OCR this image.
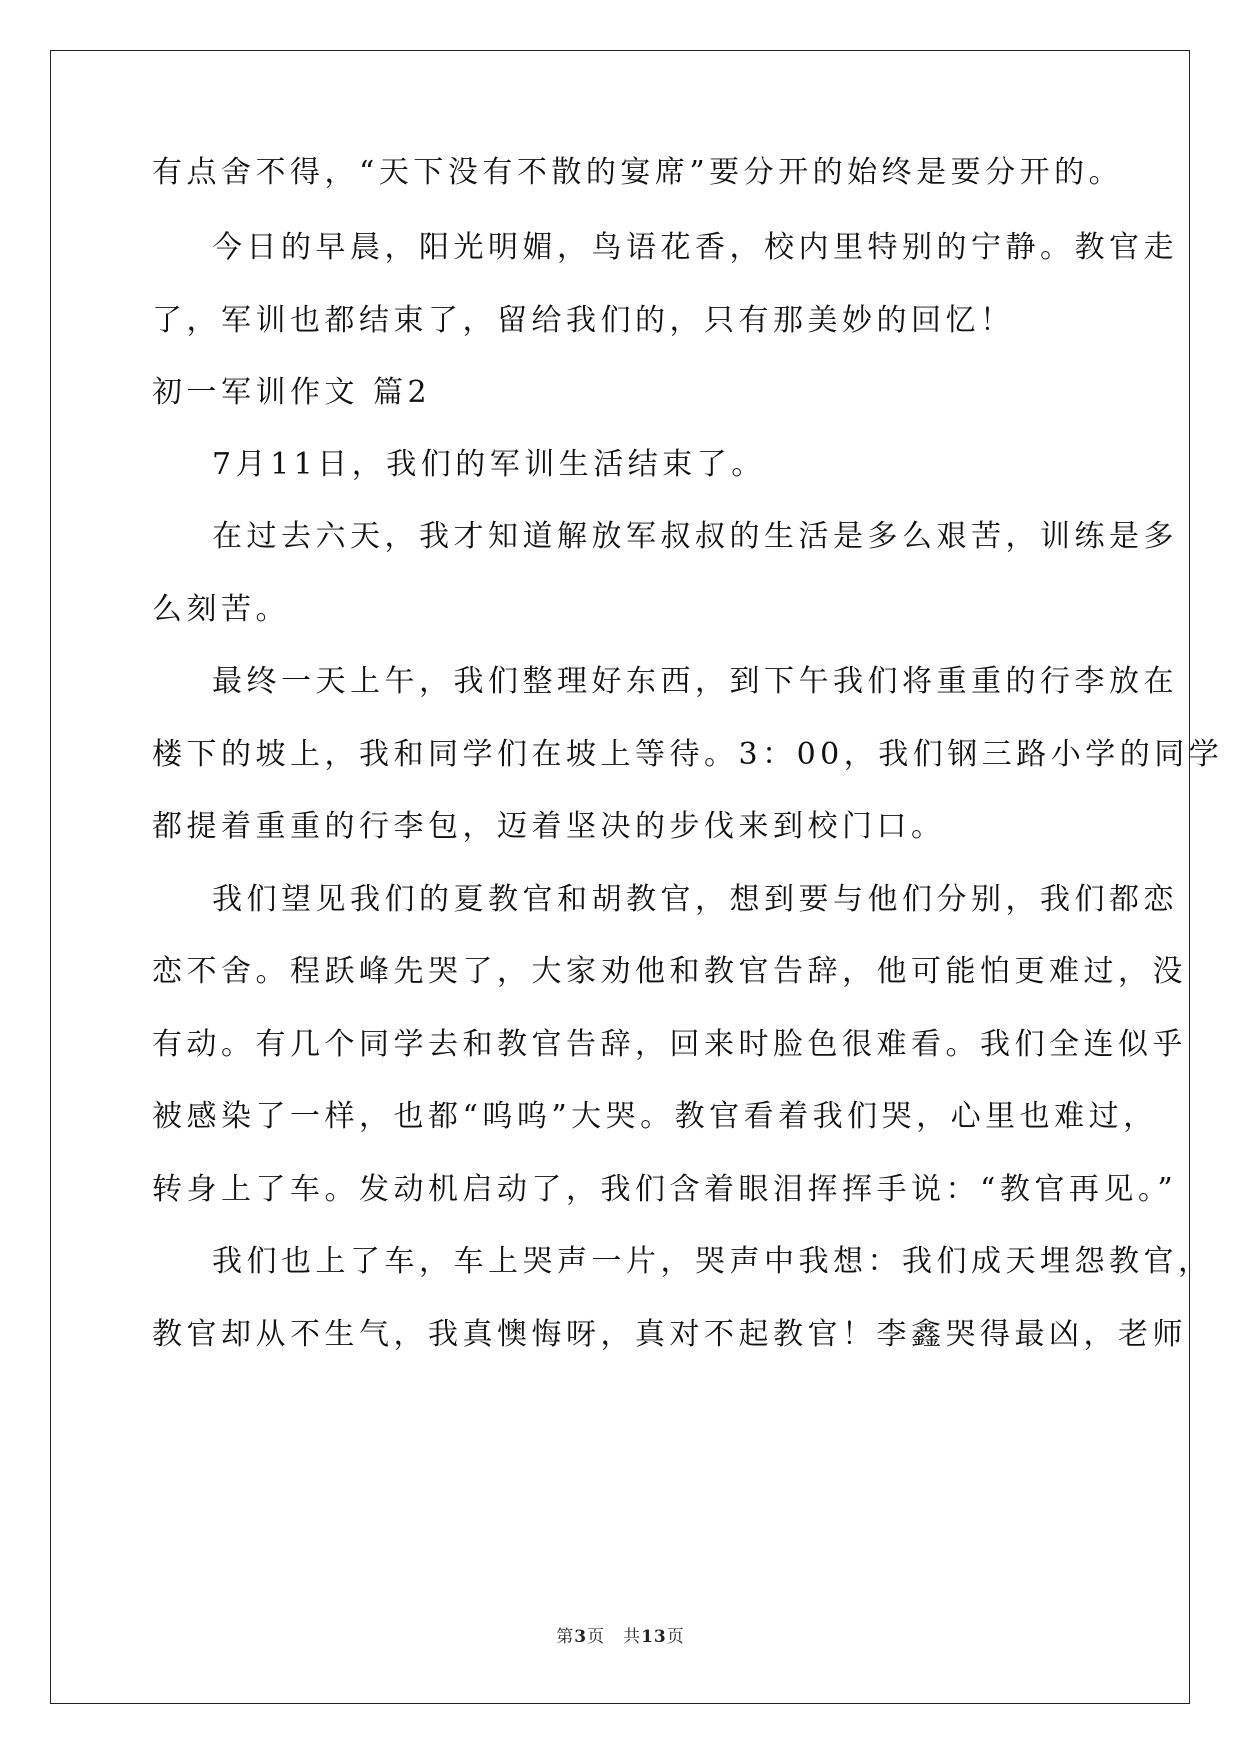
有点舍不得，“天下没有不散的宴席”要分开的始终是要分开的。
今日的早晨，阳光明媚，鸟语花香，校内里特别的宁静。教官走
了，军训也都结束了，留给我们的，只有那美妙的回忆！
初一军训作文 篇2
7月11日，我们的军训生活结束了。
在过去六天，我才知道解放军叔叔的生活是多么艰苦，训练是多
么刻苦。
最终一天上午，我们整理好东西，到下午我们将重重的行李放在
楼下的坡上，我和同学们在坡上等待。3：00，我们钢三路小学的同学
都提着重重的行李包，迈着坚决的步伐来到校门口。
我们望见我们的夏教官和胡教官，想到要与他们分别，我们都恋
恋不舍。程跃峰先哭了，大家劝他和教官告辞，他可能怕更难过，没
有动。有几个同学去和教官告辞，回来时脸色很难看。我们全连似乎
被感染了一样，也都“呜呜”大哭。教官看着我们哭，心里也难过，
转身上了车。发动机启动了，我们含着眼泪挥挥手说：“教官再见。”
我们也上了车，车上哭声一片，哭声中我想：我们成天埋怨教官，
教官却从不生气，我真懊悔呀，真对不起教官！李鑫哭得最凶，老师
第3页　共13页
